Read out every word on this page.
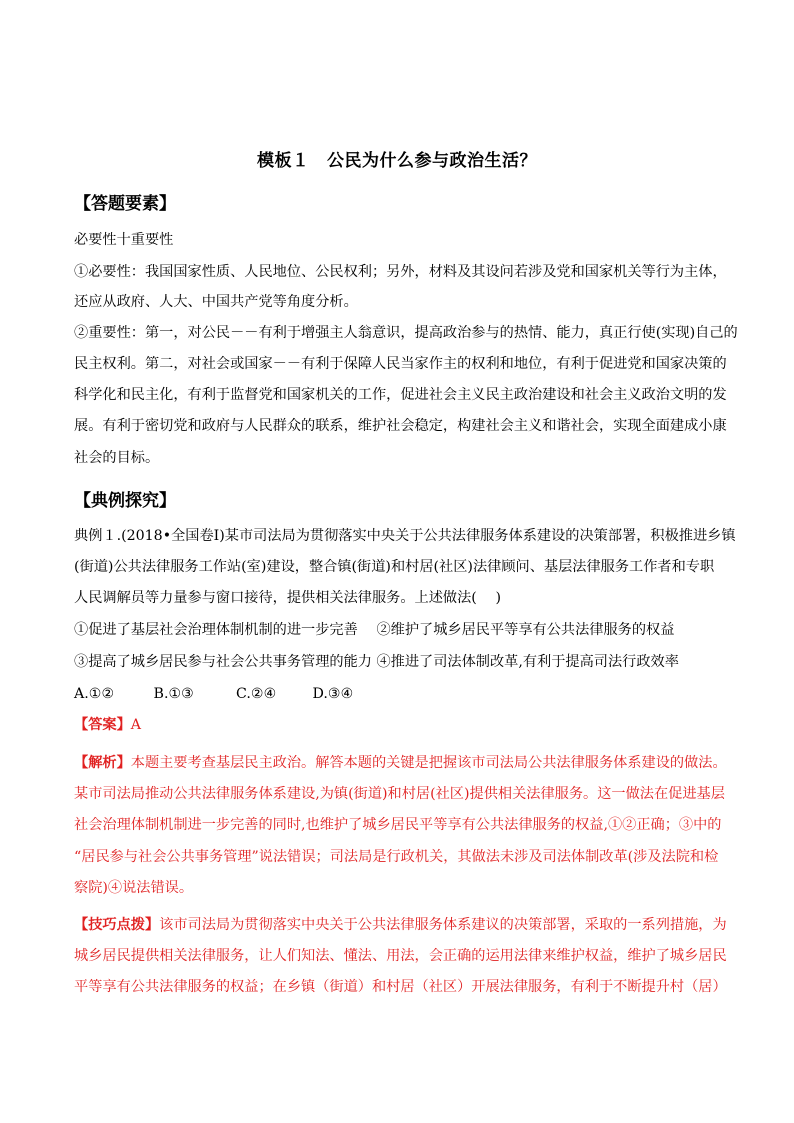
模板１　公民为什么参与政治生活？
【答题要素】
必要性十重要性
①必要性：我国国家性质、人民地位、公民权利；另外，材料及其设问若涉及党和国家机关等行为主体，
还应从政府、人大、中国共产党等角度分析。
②重要性：第一，对公民－－有利于增强主人翁意识，提高政治参与的热情、能力，真正行使(实现)自己的
民主权利。第二，对社会或国家－－有利于保障人民当家作主的权利和地位，有利于促进党和国家决策的
科学化和民主化，有利于监督党和国家机关的工作，促进社会主义民主政治建设和社会主义政治文明的发
展。有利于密切党和政府与人民群众的联系，维护社会稳定，构建社会主义和谐社会，实现全面建成小康
社会的目标。
【典例探究】
典例１.(2018•全国卷Ⅰ)某市司法局为贯彻落实中央关于公共法律服务体系建设的决策部署，积极推进乡镇
(街道)公共法律服务工作站(室)建设，整合镇(街道)和村居(社区)法律顾问、基层法律服务工作者和专职
人民调解员等力量参与窗口接待，提供相关法律服务。上述做法(　 )
①促进了基层社会治理体制机制的进一步完善　 ②维护了城乡居民平等享有公共法律服务的权益
③提高了城乡居民参与社会公共事务管理的能力 ④推进了司法体制改革,有利于提高司法行政效率
A.①②	B.①③	C.②④	D.③④
【答案】A
【解析】本题主要考查基层民主政治。解答本题的关键是把握该市司法局公共法律服务体系建设的做法。
某市司法局推动公共法律服务体系建设,为镇(街道)和村居(社区)提供相关法律服务。这一做法在促进基层
社会治理体制机制进一步完善的同时,也维护了城乡居民平等享有公共法律服务的权益,①②正确；③中的
“居民参与社会公共事务管理”说法错误；司法局是行政机关，其做法未涉及司法体制改革(涉及法院和检
察院)④说法错误。
【技巧点拨】该市司法局为贯彻落实中央关于公共法律服务体系建议的决策部署，采取的一系列措施，为
城乡居民提供相关法律服务，让人们知法、懂法、用法，会正确的运用法律来维护权益，维护了城乡居民
平等享有公共法律服务的权益；在乡镇（街道）和村居（社区）开展法律服务，有利于不断提升村（居）
